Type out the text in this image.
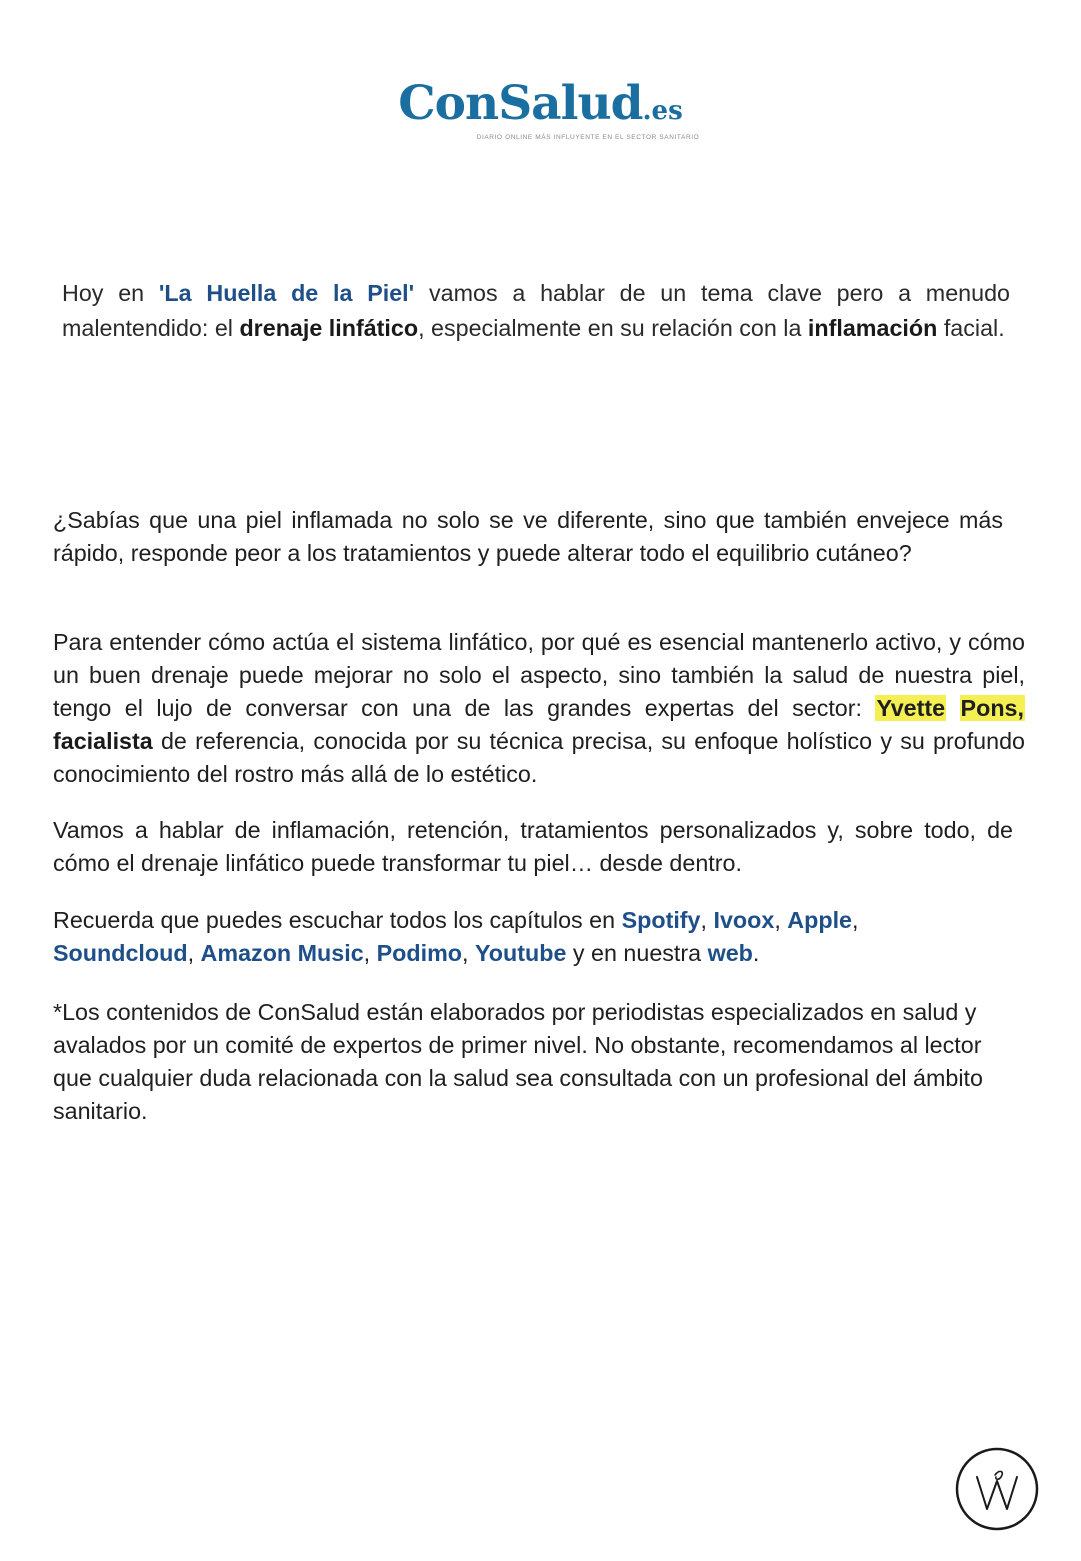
ConSalud.es
DIARIO ONLINE MÁS INFLUYENTE EN EL SECTOR SANITARIO

Hoy en 'La Huella de la Piel' vamos a hablar de un tema clave pero a menudo malentendido: el drenaje linfático, especialmente en su relación con la inflamación facial.

¿Sabías que una piel inflamada no solo se ve diferente, sino que también envejece más rápido, responde peor a los tratamientos y puede alterar todo el equilibrio cutáneo?

Para entender cómo actúa el sistema linfático, por qué es esencial mantenerlo activo, y cómo un buen drenaje puede mejorar no solo el aspecto, sino también la salud de nuestra piel, tengo el lujo de conversar con una de las grandes expertas del sector: Yvette Pons, facialista de referencia, conocida por su técnica precisa, su enfoque holístico y su profundo conocimiento del rostro más allá de lo estético.

Vamos a hablar de inflamación, retención, tratamientos personalizados y, sobre todo, de cómo el drenaje linfático puede transformar tu piel… desde dentro.

Recuerda que puedes escuchar todos los capítulos en Spotify, Ivoox, Apple, Soundcloud, Amazon Music, Podimo, Youtube y en nuestra web.

*Los contenidos de ConSalud están elaborados por periodistas especializados en salud y avalados por un comité de expertos de primer nivel. No obstante, recomendamos al lector que cualquier duda relacionada con la salud sea consultada con un profesional del ámbito sanitario.
